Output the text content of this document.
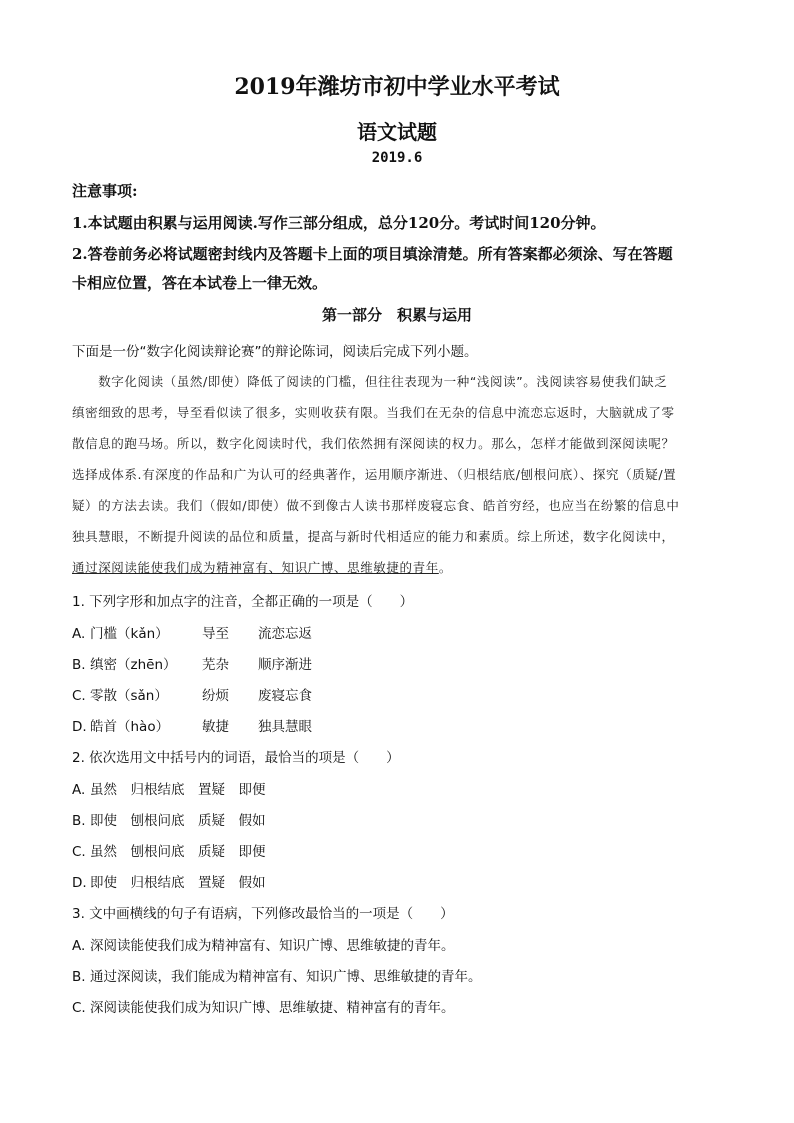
2019年潍坊市初中学业水平考试
语文试题
2019.6
注意事项:
1.本试题由积累与运用阅读.写作三部分组成，总分120分。考试时间120分钟。
2.答卷前务必将试题密封线内及答题卡上面的项目填涂清楚。所有答案都必须涂、写在答题
卡相应位置，答在本试卷上一律无效。
第一部分　积累与运用
下面是一份“数字化阅读辩论赛”的辩论陈词，阅读后完成下列小题。
　　数字化阅读（虽然/即使）降低了阅读的门槛，但往往表现为一种“浅阅读”。浅阅读容易使我们缺乏
缜密细致的思考，导至看似读了很多，实则收获有限。当我们在无杂的信息中流恋忘返时，大脑就成了零
散信息的跑马场。所以，数字化阅读时代，我们依然拥有深阅读的权力。那么，怎样才能做到深阅读呢？
选择成体系.有深度的作品和广为认可的经典著作，运用顺序渐进、（归根结底/刨根问底）、探究（质疑/置
疑）的方法去读。我们（假如/即使）做不到像古人读书那样废寝忘食、皓首穷经，也应当在纷繁的信息中
独具慧眼，不断提升阅读的品位和质量，提高与新时代相适应的能力和素质。综上所述，数字化阅读中，
通过深阅读能使我们成为精神富有、知识广博、思维敏捷的青年。
1. 下列字形和加点字的注音，全都正确的一项是（　　）
A. 门槛（kǎn） 导至 流恋忘返
B. 缜密（zhēn） 芜杂 顺序渐进
C. 零散（sǎn）	纷烦 废寝忘食
D. 皓首（hào） 敏捷 独具慧眼
2. 依次选用文中括号内的词语，最恰当的项是（　　）
A. 虽然　归根结底　置疑　即便
B. 即使　刨根问底　质疑　假如
C. 虽然　刨根问底　质疑　即便
D. 即使　归根结底　置疑　假如
3. 文中画横线的句子有语病，下列修改最恰当的一项是（　　）
A. 深阅读能使我们成为精神富有、知识广博、思维敏捷的青年。
B. 通过深阅读，我们能成为精神富有、知识广博、思维敏捷的青年。
C. 深阅读能使我们成为知识广博、思维敏捷、精神富有的青年。
